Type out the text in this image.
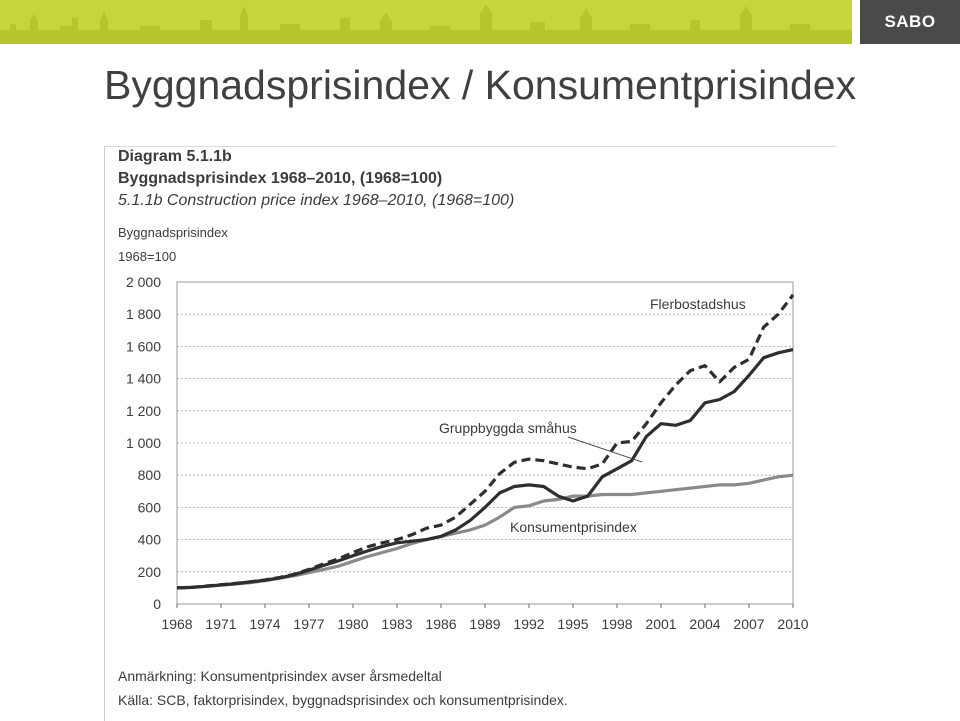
SABO
Byggnadsprisindex / Konsumentprisindex
Diagram 5.1.1b
Byggnadsprisindex 1968–2010, (1968=100)
5.1.1b Construction price index 1968–2010, (1968=100)
Byggnadsprisindex
1968=100
0
200
400
600
800
1 000
1 200
1 400
1 600
1 800
2 000
1968 1971 1974 1977 1980 1983 1986 1989 1992 1995 1998 2001 2004 2007 2010
Flerbostadshus
Gruppbyggda småhus
Konsumentprisindex
Anmärkning: Konsumentprisindex avser årsmedeltal
Källa: SCB, faktorprisindex, byggnadsprisindex och konsumentprisindex.
